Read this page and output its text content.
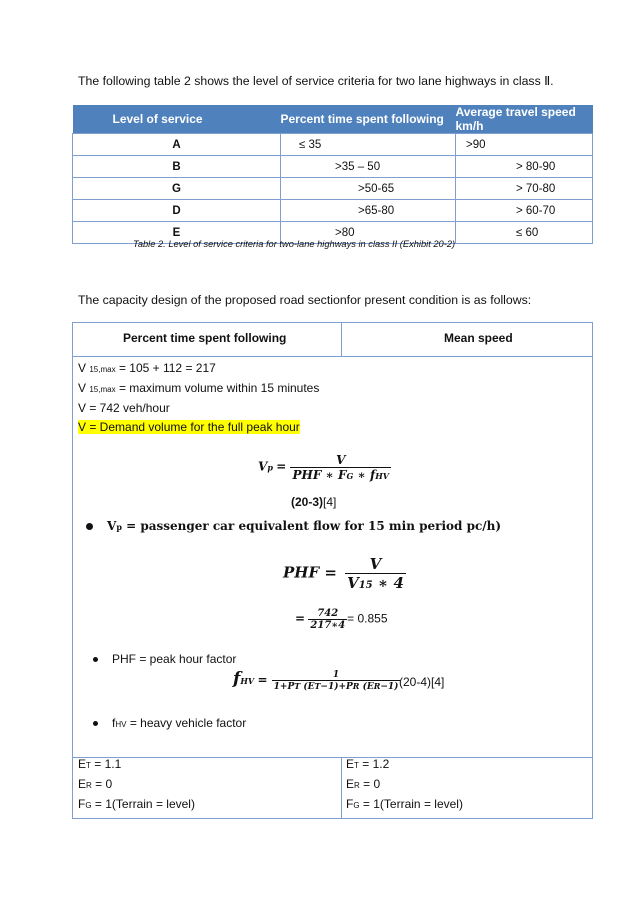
The following table 2 shows the level of service criteria for two lane highways in class Ⅱ.
Level of service	Percent time spent following	Average travel speed km/h
A	≤ 35	>90
B	>35 – 50	> 80-90
G	>50-65	> 70-80
D	>65-80	> 60-70
E	>80	≤ 60
Table 2. Level of service criteria for two-lane highways in class II (Exhibit 20-2)
The capacity design of the proposed road sectionfor present condition is as follows:
Percent time spent following	Mean speed
V 15,max = 105 + 112 = 217
V 15,max = maximum volume within 15 minutes
V = 742 veh/hour
V = Demand volume for the full peak hour
$Vp = \frac{V}{\text{PHF ∗ FG ∗ fHV}}$
(20-3)[4]
Vp = passenger car equivalent flow for 15 min period pc/h)
PHF = $\frac{V}{V15 ∗ 4}$
= $\frac{742}{217∗4} = 0.855$
PHF = peak hour factor
fHV = $\frac{1}{1+PT (ET-1)+PR (ER-1)}$
(20-4)[4]
fHV = heavy vehicle factor
ET = 1.1
ER = 0
FG = 1(Terrain = level)
ET = 1.2
ER = 0
FG = 1(Terrain = level)
